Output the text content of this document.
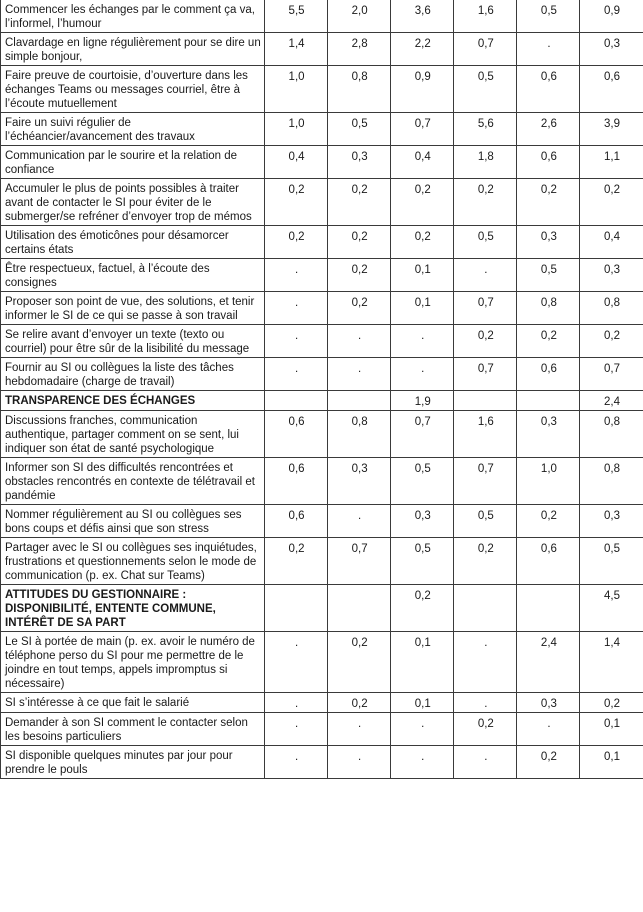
Commencer les échanges par le comment ça va, l’informel, l’humour	5,5	2,0	3,6	1,6	0,5	0,9
Clavardage en ligne régulièrement pour se dire un simple bonjour,	1,4	2,8	2,2	0,7	.	0,3
Faire preuve de courtoisie, d’ouverture dans les échanges Teams ou messages courriel, être à l’écoute mutuellement	1,0	0,8	0,9	0,5	0,6	0,6
Faire un suivi régulier de l’échéancier/avancement des travaux	1,0	0,5	0,7	5,6	2,6	3,9
Communication par le sourire et la relation de confiance	0,4	0,3	0,4	1,8	0,6	1,1
Accumuler le plus de points possibles à traiter avant de contacter le SI pour éviter de le submerger/se refréner d’envoyer trop de mémos	0,2	0,2	0,2	0,2	0,2	0,2
Utilisation des émoticônes pour désamorcer certains états	0,2	0,2	0,2	0,5	0,3	0,4
Être respectueux, factuel, à l’écoute des consignes	.	0,2	0,1	.	0,5	0,3
Proposer son point de vue, des solutions, et tenir informer le SI de ce qui se passe à son travail	.	0,2	0,1	0,7	0,8	0,8
Se relire avant d’envoyer un texte (texto ou courriel) pour être sûr de la lisibilité du message	.	.	.	0,2	0,2	0,2
Fournir au SI ou collègues la liste des tâches hebdomadaire (charge de travail)	.	.	.	0,7	0,6	0,7
TRANSPARENCE DES ÉCHANGES			1,9			2,4
Discussions franches, communication authentique, partager comment on se sent, lui indiquer son état de santé psychologique	0,6	0,8	0,7	1,6	0,3	0,8
Informer son SI des difficultés rencontrées et obstacles rencontrés en contexte de télétravail et pandémie	0,6	0,3	0,5	0,7	1,0	0,8
Nommer régulièrement au SI ou collègues ses bons coups et défis ainsi que son stress	0,6	.	0,3	0,5	0,2	0,3
Partager avec le SI ou collègues ses inquiétudes, frustrations et questionnements selon le mode de communication (p. ex. Chat sur Teams)	0,2	0,7	0,5	0,2	0,6	0,5
ATTITUDES DU GESTIONNAIRE : DISPONIBILITÉ, ENTENTE COMMUNE, INTÉRÊT DE SA PART			0,2			4,5
Le SI à portée de main (p. ex. avoir le numéro de téléphone perso du SI pour me permettre de le joindre en tout temps, appels impromptus si nécessaire)	.	0,2	0,1	.	2,4	1,4
SI s’intéresse à ce que fait le salarié	.	0,2	0,1	.	0,3	0,2
Demander à son SI comment le contacter selon les besoins particuliers	.	.	.	0,2	.	0,1
SI disponible quelques minutes par jour pour prendre le pouls	.	.	.	.	0,2	0,1
